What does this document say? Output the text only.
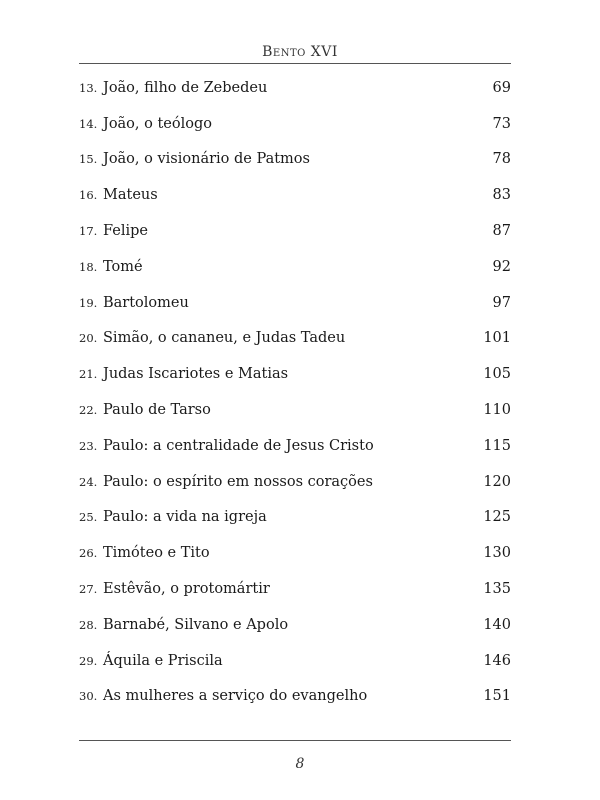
Bento XVI
13. João, filho de Zebedeu	69
14. João, o teólogo	73
15. João, o visionário de Patmos	78
16. Mateus	83
17. Felipe	87
18. Tomé	92
19. Bartolomeu	97
20. Simão, o cananeu, e Judas Tadeu	101
21. Judas Iscariotes e Matias	105
22. Paulo de Tarso	110
23. Paulo: a centralidade de Jesus Cristo	115
24. Paulo: o espírito em nossos corações	120
25. Paulo: a vida na igreja	125
26. Timóteo e Tito	130
27. Estêvão, o protomártir	135
28. Barnabé, Silvano e Apolo	140
29. Áquila e Priscila	146
30. As mulheres a serviço do evangelho	151
8
